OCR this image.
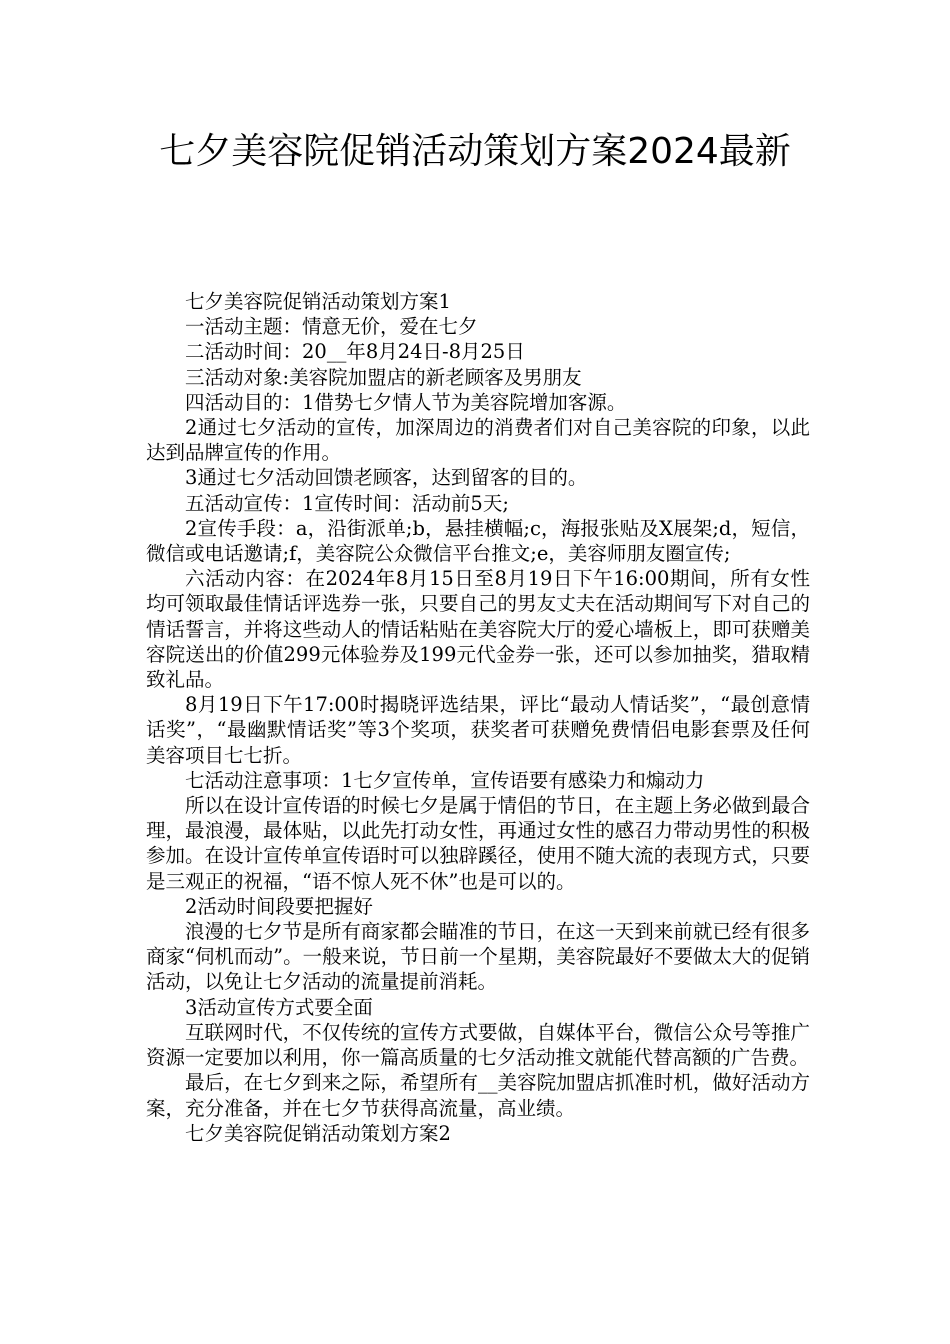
七夕美容院促销活动策划方案2024最新

七夕美容院促销活动策划方案1

一活动主题：情意无价，爱在七夕

二活动时间：20__年8月24日-8月25日

三活动对象:美容院加盟店的新老顾客及男朋友

四活动目的：1借势七夕情人节为美容院增加客源。

2通过七夕活动的宣传，加深周边的消费者们对自己美容院的印象，以此达到品牌宣传的作用。

3通过七夕活动回馈老顾客，达到留客的目的。

五活动宣传：1宣传时间：活动前5天;

2宣传手段：a，沿街派单;b，悬挂横幅;c，海报张贴及X展架;d，短信，微信或电话邀请;f，美容院公众微信平台推文;e，美容师朋友圈宣传;

六活动内容：在2024年8月15日至8月19日下午16:00期间，所有女性均可领取最佳情话评选券一张，只要自己的男友丈夫在活动期间写下对自己的情话誓言，并将这些动人的情话粘贴在美容院大厅的爱心墙板上，即可获赠美容院送出的价值299元体验券及199元代金券一张，还可以参加抽奖，猎取精致礼品。

8月19日下午17:00时揭晓评选结果，评比“最动人情话奖”，“最创意情话奖”，“最幽默情话奖”等3个奖项，获奖者可获赠免费情侣电影套票及任何美容项目七七折。

七活动注意事项：1七夕宣传单，宣传语要有感染力和煽动力

所以在设计宣传语的时候七夕是属于情侣的节日，在主题上务必做到最合理，最浪漫，最体贴，以此先打动女性，再通过女性的感召力带动男性的积极参加。在设计宣传单宣传语时可以独辟蹊径，使用不随大流的表现方式，只要是三观正的祝福，“语不惊人死不休”也是可以的。

2活动时间段要把握好

浪漫的七夕节是所有商家都会瞄准的节日，在这一天到来前就已经有很多商家“伺机而动”。一般来说，节日前一个星期，美容院最好不要做太大的促销活动，以免让七夕活动的流量提前消耗。

3活动宣传方式要全面

互联网时代，不仅传统的宣传方式要做，自媒体平台，微信公众号等推广资源一定要加以利用，你一篇高质量的七夕活动推文就能代替高额的广告费。

最后，在七夕到来之际，希望所有__美容院加盟店抓准时机，做好活动方案，充分准备，并在七夕节获得高流量，高业绩。

七夕美容院促销活动策划方案2
